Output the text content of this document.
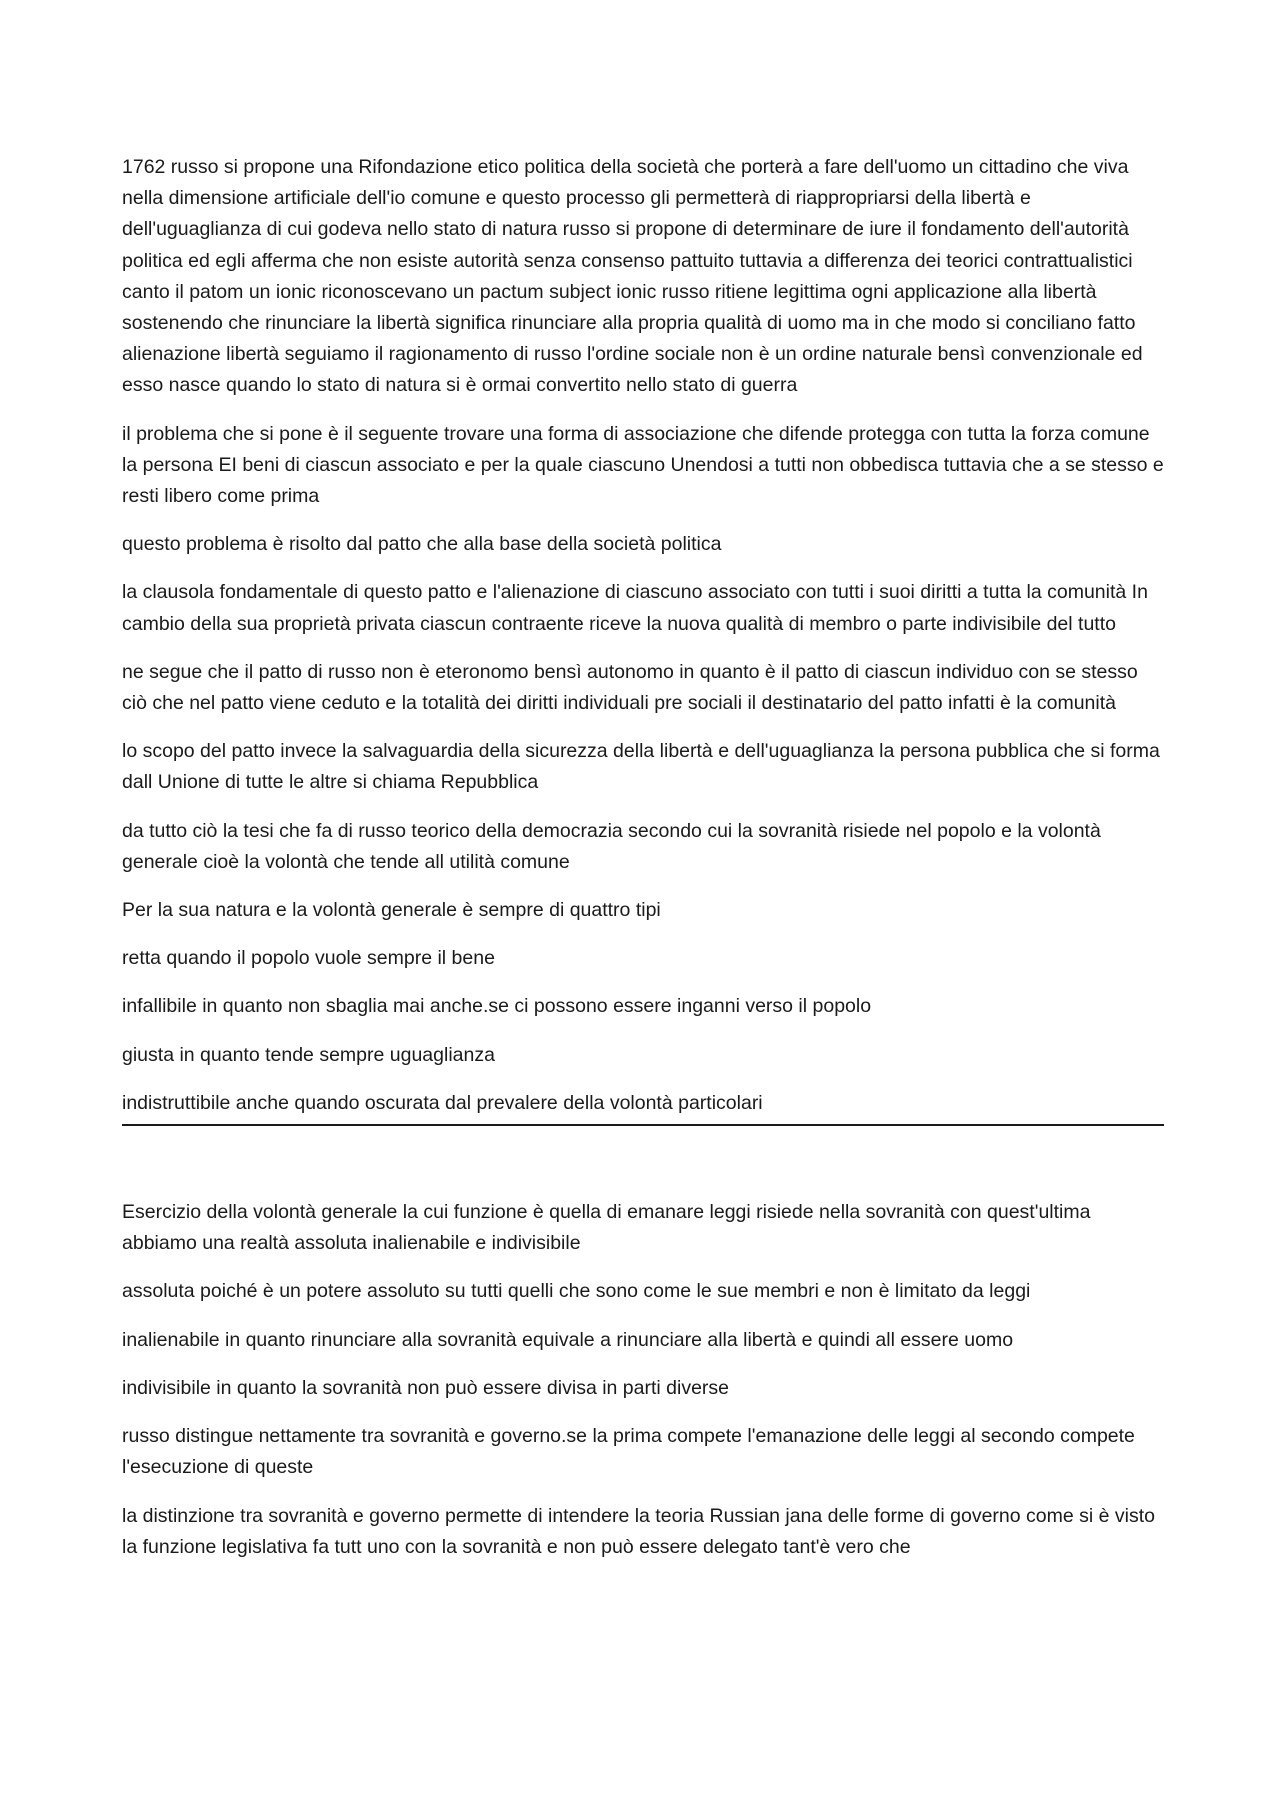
1762 russo si propone una Rifondazione etico politica della società che porterà a fare dell'uomo un cittadino che viva nella dimensione artificiale dell'io comune e questo processo gli permetterà di riappropriarsi della libertà e dell'uguaglianza di cui godeva nello stato di natura russo si propone di determinare de iure il fondamento dell'autorità politica ed egli afferma che non esiste autorità senza consenso pattuito tuttavia a differenza dei teorici contrattualistici canto il patom un ionic riconoscevano un pactum subject ionic russo ritiene legittima ogni applicazione alla libertà sostenendo che rinunciare la libertà significa rinunciare alla propria qualità di uomo ma in che modo si conciliano fatto alienazione libertà seguiamo il ragionamento di russo l'ordine sociale non è un ordine naturale bensì convenzionale ed esso nasce quando lo stato di natura si è ormai convertito nello stato di guerra

il problema che si pone è il seguente trovare una forma di associazione che difende protegga con tutta la forza comune la persona EI beni di ciascun associato e per la quale ciascuno Unendosi a tutti non obbedisca tuttavia che a se stesso e resti libero come prima

questo problema è risolto dal patto che alla base della società politica

la clausola fondamentale di questo patto e l'alienazione di ciascuno associato con tutti i suoi diritti a tutta la comunità In cambio della sua proprietà privata ciascun contraente riceve la nuova qualità di membro o parte indivisibile del tutto

ne segue che il patto di russo non è eteronomo bensì autonomo in quanto è il patto di ciascun individuo con se stesso ciò che nel patto viene ceduto e la totalità dei diritti individuali pre sociali il destinatario del patto infatti è la comunità

lo scopo del patto invece la salvaguardia della sicurezza della libertà e dell'uguaglianza la persona pubblica che si forma dall Unione di tutte le altre si chiama Repubblica

da tutto ciò la tesi che fa di russo teorico della democrazia secondo cui la sovranità risiede nel popolo e la volontà generale cioè la volontà che tende all utilità comune

Per la sua natura e la volontà generale è sempre di quattro tipi

retta quando il popolo vuole sempre il bene

infallibile in quanto non sbaglia mai anche.se ci possono essere inganni verso il popolo

giusta in quanto tende sempre uguaglianza

indistruttibile anche quando oscurata dal prevalere della volontà particolari

Esercizio della volontà generale la cui funzione è quella di emanare leggi risiede nella sovranità con quest'ultima abbiamo una realtà assoluta inalienabile e indivisibile

assoluta poiché è un potere assoluto su tutti quelli che sono come le sue membri e non è limitato da leggi

inalienabile in quanto rinunciare alla sovranità equivale a rinunciare alla libertà e quindi all essere uomo

indivisibile in quanto la sovranità non può essere divisa in parti diverse

russo distingue nettamente tra sovranità e governo.se la prima compete l'emanazione delle leggi al secondo compete l'esecuzione di queste

la distinzione tra sovranità e governo permette di intendere la teoria Russian jana delle forme di governo come si è visto la funzione legislativa fa tutt uno con la sovranità e non può essere delegato tant'è vero che
